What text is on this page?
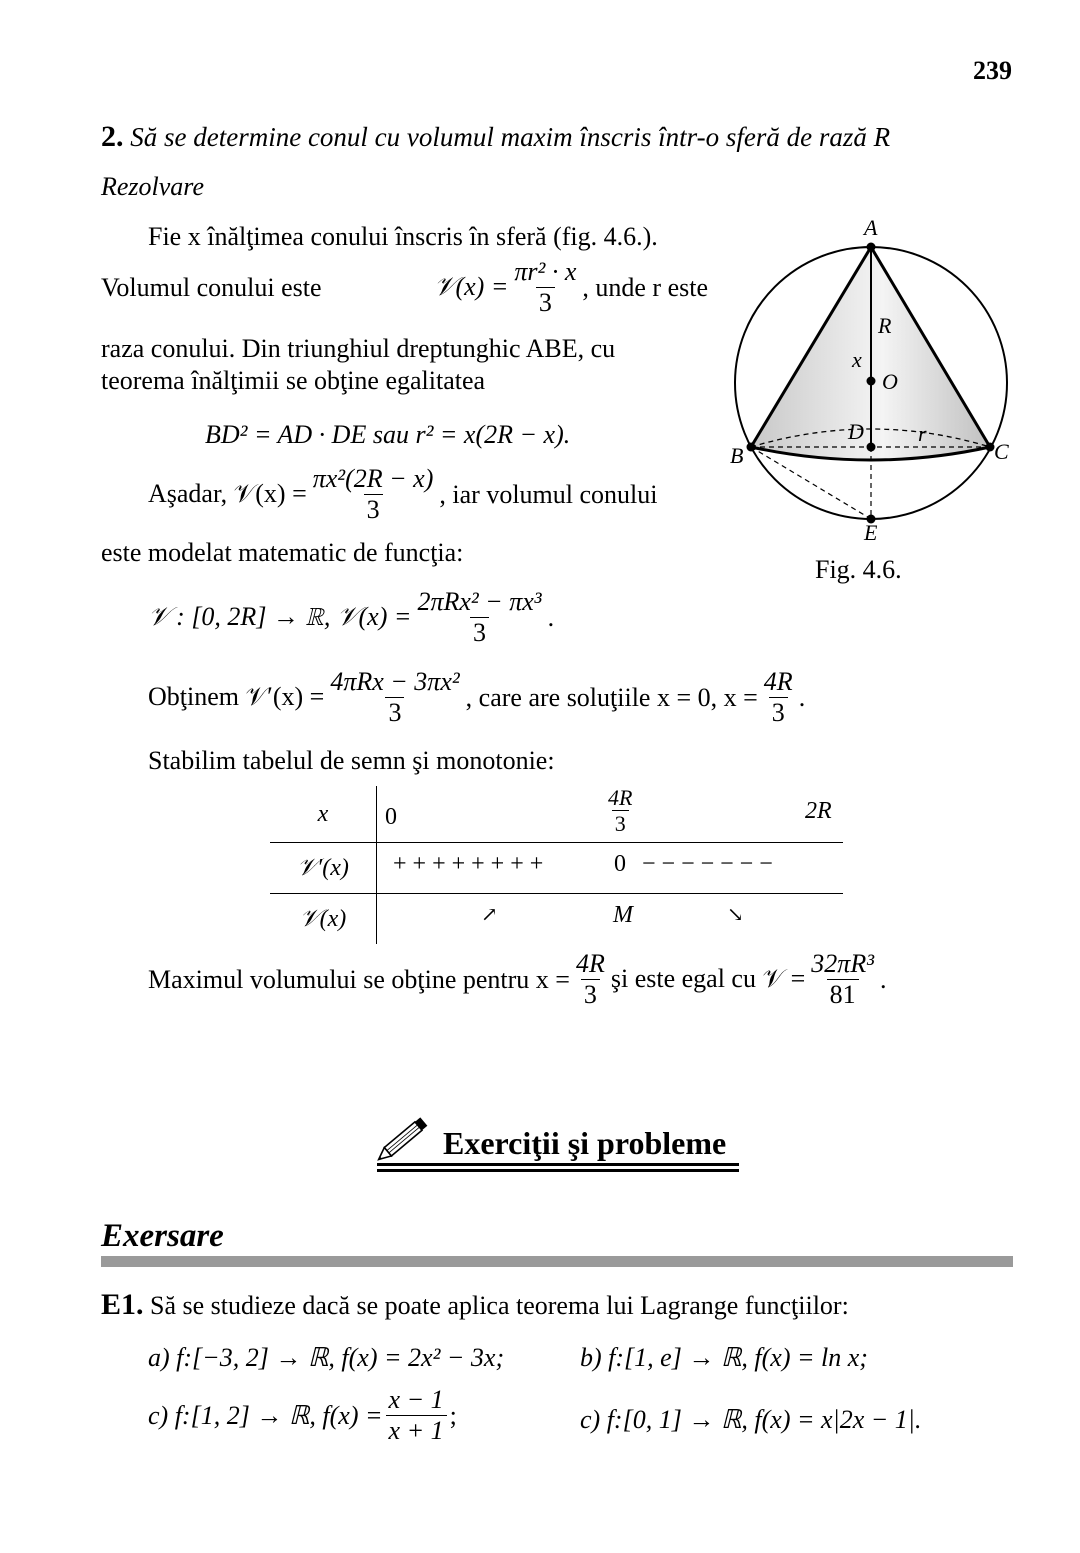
239
2. Să se determine conul cu volumul maxim înscris într-o sferă de rază R
Rezolvare
Fie x înălţimea conului înscris în sferă (fig. 4.6.).
Volumul conului este	𝒱(x) = $\frac{\text{πr² · x}}{3}$ , unde r este
raza conului. Din triunghiul dreptunghic ABE, cu
teorema înălţimii se obţine egalitatea
BD² = AD · DE sau r² = x(2R − x).
Aşadar, 𝒱(x) = $\frac{\text{πx²(2R − x)}}{3}$ , iar volumul conului
este modelat matematic de funcţia:
𝒱 : [0, 2R] → ℝ, 𝒱(x) = $\frac{\text{2πRx² − πx³}}{3}$ .
Obţinem 𝒱′(x) = $\frac{\text{4πRx − 3πx²}}{3}$ , care are soluţiile x = 0, $x = \frac{4R}{3}$ .
Stabilim tabelul de semn şi monotonie:
x	$0 \frac{4R}{3} 2R$

𝒱′(x)	+ + + + + + + + 0 − − − − − − −

𝒱(x)	↗ M ↘
Maximul volumului se obţine pentru $x = \frac{4R}{3}$ şi este egal cu 𝒱 = $\frac{\text{32πR³}}{81}$ .
A
B	C
D
E
O
R
x
r
Fig. 4.6.
Exerciţii şi probleme
Exersare
E1. Să se studieze dacă se poate aplica teorema lui Lagrange funcţiilor:
a) f:[−3, 2] → ℝ, f(x) = 2x² − 3x;	b) f:[1, e] → ℝ, f(x) = ln x;
c) f:[1, 2] → ℝ, $f(x) = \frac{x - 1}{x + 1}$ ;	c) f:[0, 1] → ℝ, f(x) = x|2x − 1|.
